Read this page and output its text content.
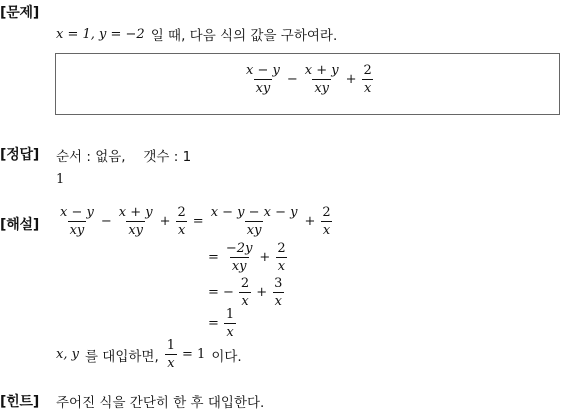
[문제]
x = 1, y = −2 일 때, 다음 식의 값을 구하여라.
$\frac{x - y}{xy} - \frac{x + y}{xy} + \frac{2}{x}$
[정답] 순서 : 없음,　 갯수 : 1
1
[해설] $\frac{x - y}{xy} - \frac{x + y}{xy} + \frac{2}{x} = \frac{x - y - x - y}{xy} + \frac{2}{x}$
= $\frac{-2y}{xy} + \frac{2}{x}$
= − $\frac{2}{x} + \frac{3}{x}$
= $\frac{1}{x}$
x, y 를 대입하면, $\frac{1}{x} = 1$ 이다.
[힌트] 주어진 식을 간단히 한 후 대입한다.
